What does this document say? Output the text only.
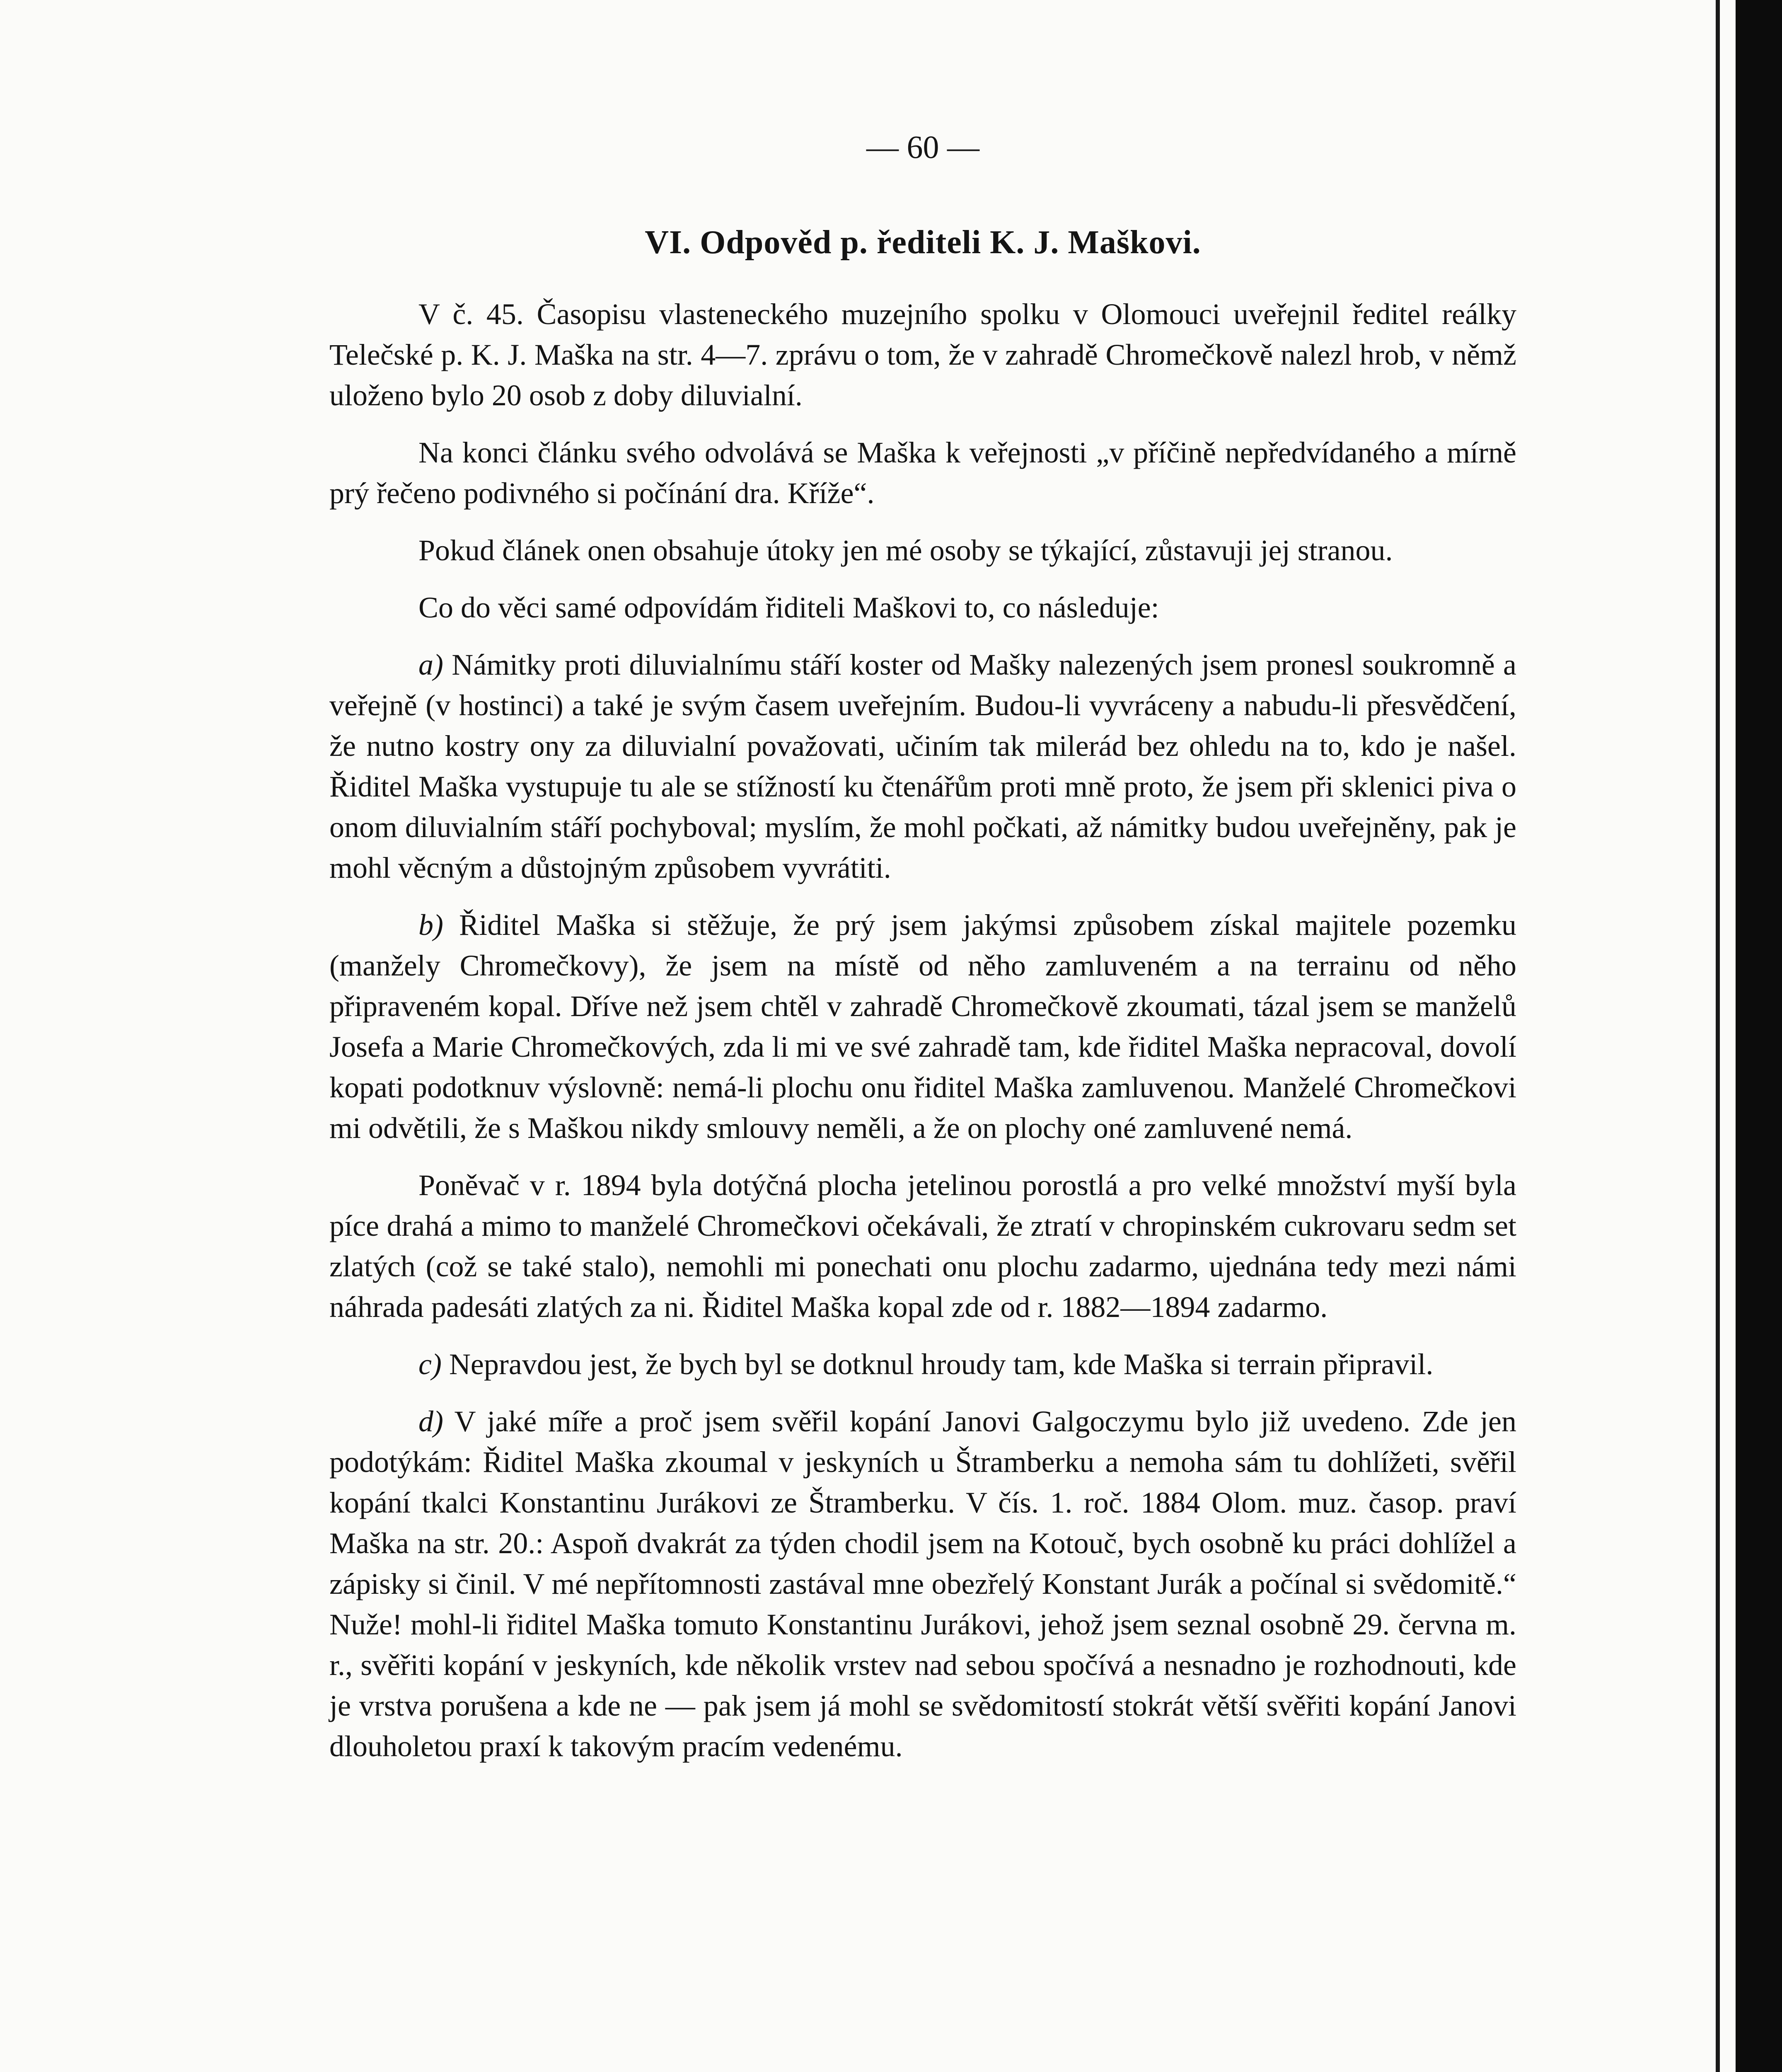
— 60 —
VI. Odpověd p. řediteli K. J. Maškovi.

V č. 45. Časopisu vlasteneckého muzejního spolku v Olomouci uveřejnil ředitel reálky Telečské p. K. J. Maška na str. 4—7. zprávu o tom, že v zahradě Chromečkově nalezl hrob, v němž uloženo bylo 20 osob z doby diluvialní.

Na konci článku svého odvolává se Maška k veřejnosti „v příčině nepředvídaného a mírně prý řečeno podivného si počínání dra. Kříže“.

Pokud článek onen obsahuje útoky jen mé osoby se týkající, zůstavuji jej stranou.

Co do věci samé odpovídám řiditeli Maškovi to, co následuje:

a) Námitky proti diluvialnímu stáří koster od Mašky nalezených jsem pronesl soukromně a veřejně (v hostinci) a také je svým časem uveřejním. Budou-li vyvráceny a nabudu-li přesvědčení, že nutno kostry ony za diluvialní považovati, učiním tak milerád bez ohledu na to, kdo je našel. Řiditel Maška vystupuje tu ale se stížností ku čtenářům proti mně proto, že jsem při sklenici piva o onom diluvialním stáří pochyboval; myslím, že mohl počkati, až námitky budou uveřejněny, pak je mohl věcným a důstojným způsobem vyvrátiti.

b) Řiditel Maška si stěžuje, že prý jsem jakýmsi způsobem získal majitele pozemku (manžely Chromečkovy), že jsem na místě od něho zamluveném a na terrainu od něho připraveném kopal. Dříve než jsem chtěl v zahradě Chromečkově zkoumati, tázal jsem se manželů Josefa a Marie Chromečkových, zda li mi ve své zahradě tam, kde řiditel Maška nepracoval, dovolí kopati podotknuv výslovně: nemá-li plochu onu řiditel Maška zamluvenou. Manželé Chromečkovi mi odvětili, že s Maškou nikdy smlouvy neměli, a že on plochy oné zamluvené nemá.

Poněvač v r. 1894 byla dotýčná plocha jetelinou porostlá a pro velké množství myší byla píce drahá a mimo to manželé Chromečkovi očekávali, že ztratí v chropinském cukrovaru sedm set zlatých (což se také stalo), nemohli mi ponechati onu plochu zadarmo, ujednána tedy mezi námi náhrada padesáti zlatých za ni. Řiditel Maška kopal zde od r. 1882—1894 zadarmo.

c) Nepravdou jest, že bych byl se dotknul hroudy tam, kde Maška si terrain připravil.

d) V jaké míře a proč jsem svěřil kopání Janovi Galgoczymu bylo již uvedeno. Zde jen podotýkám: Řiditel Maška zkoumal v jeskyních u Štramberku a nemoha sám tu dohlížeti, svěřil kopání tkalci Konstantinu Jurákovi ze Štramberku. V čís. 1. roč. 1884 Olom. muz. časop. praví Maška na str. 20.: Aspoň dvakrát za týden chodil jsem na Kotouč, bych osobně ku práci dohlížel a zápisky si činil. V mé nepřítomnosti zastával mne obezřelý Konstant Jurák a počínal si svědomitě.“ Nuže! mohl-li řiditel Maška tomuto Konstantinu Jurákovi, jehož jsem seznal osobně 29. června m. r., svěřiti kopání v jeskyních, kde několik vrstev nad sebou spočívá a nesnadno je rozhodnouti, kde je vrstva porušena a kde ne — pak jsem já mohl se svědomitostí stokrát větší svěřiti kopání Janovi dlouholetou praxí k takovým pracím vedenému.
